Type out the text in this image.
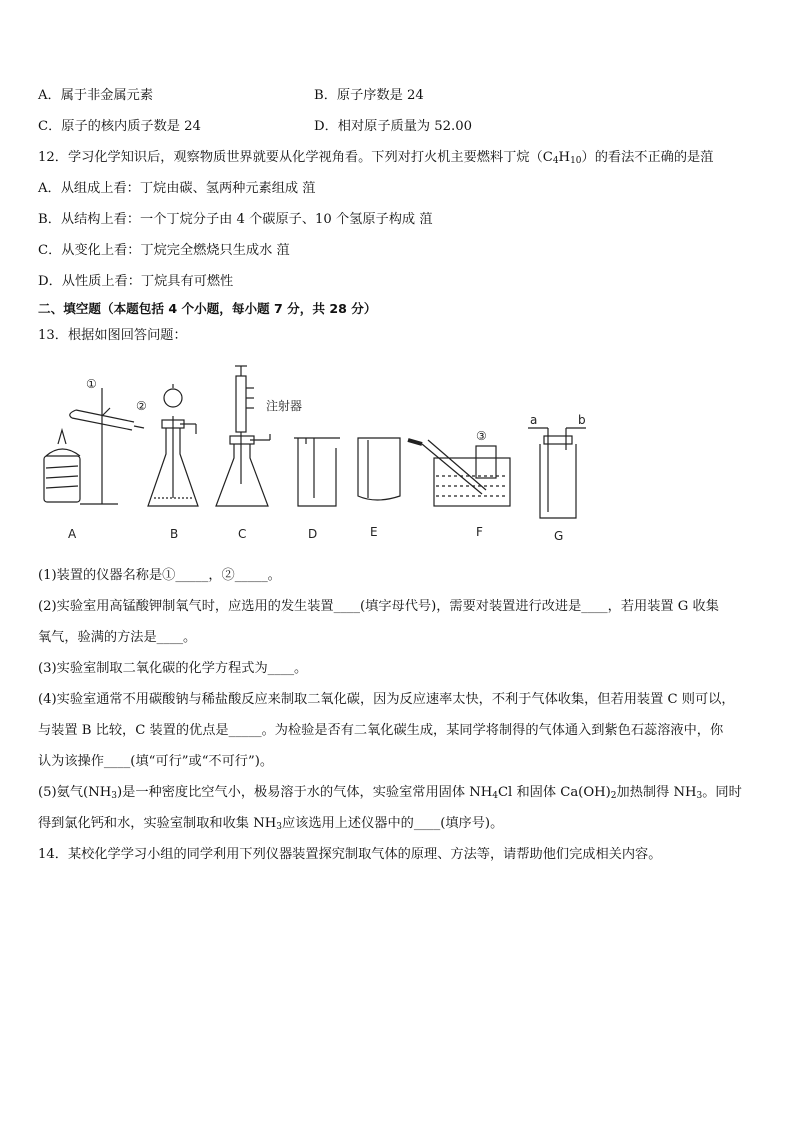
A．属于非金属元素	B．原子序数是 24
C．原子的核内质子数是 24	D．相对原子质量为 52.00
12．学习化学知识后，观察物质世界就要从化学视角看。下列对打火机主要燃料丁烷$(C_4H_{10})$的看法不正确的是菹
A．从组成上看：丁烷由碳、氢两种元素组成 菹
B．从结构上看：一个丁烷分子由 4 个碳原子、10 个氢原子构成 菹
C．从变化上看：丁烷完全燃烧只生成水 菹
D．从性质上看：丁烷具有可燃性
二、填空题（本题包括 4 个小题，每小题 7 分，共 28 分）
13．根据如图回答问题：
①
②	注射器
③
a	b
A	B	C	D	E	F	G
(1)装置的仪器名称是①_____，②_____。
(2)实验室用高锰酸钾制氧气时，应选用的发生装置____(填字母代号)，需要对装置进行改进是____，若用装置 G 收集
氧气，验满的方法是____。
(3)实验室制取二氧化碳的化学方程式为____。
(4)实验室通常不用碳酸钠与稀盐酸反应来制取二氧化碳，因为反应速率太快，不利于气体收集，但若用装置 C 则可以，
与装置 B 比较，C 装置的优点是_____。为检验是否有二氧化碳生成，某同学将制得的气体通入到紫色石蕊溶液中，你
认为该操作____(填“可行”或“不可行”)。
(5)氨气$(NH_3)$是一种密度比空气小，极易溶于水的气体，实验室常用固体 $NH_4Cl$ 和固体 $Ca(OH)_2$加热制得 $NH_3$。同时
得到氯化钙和水，实验室制取和收集 $NH_3$应该选用上述仪器中的____(填序号)。
14．某校化学学习小组的同学利用下列仪器装置探究制取气体的原理、方法等，请帮助他们完成相关内容。
